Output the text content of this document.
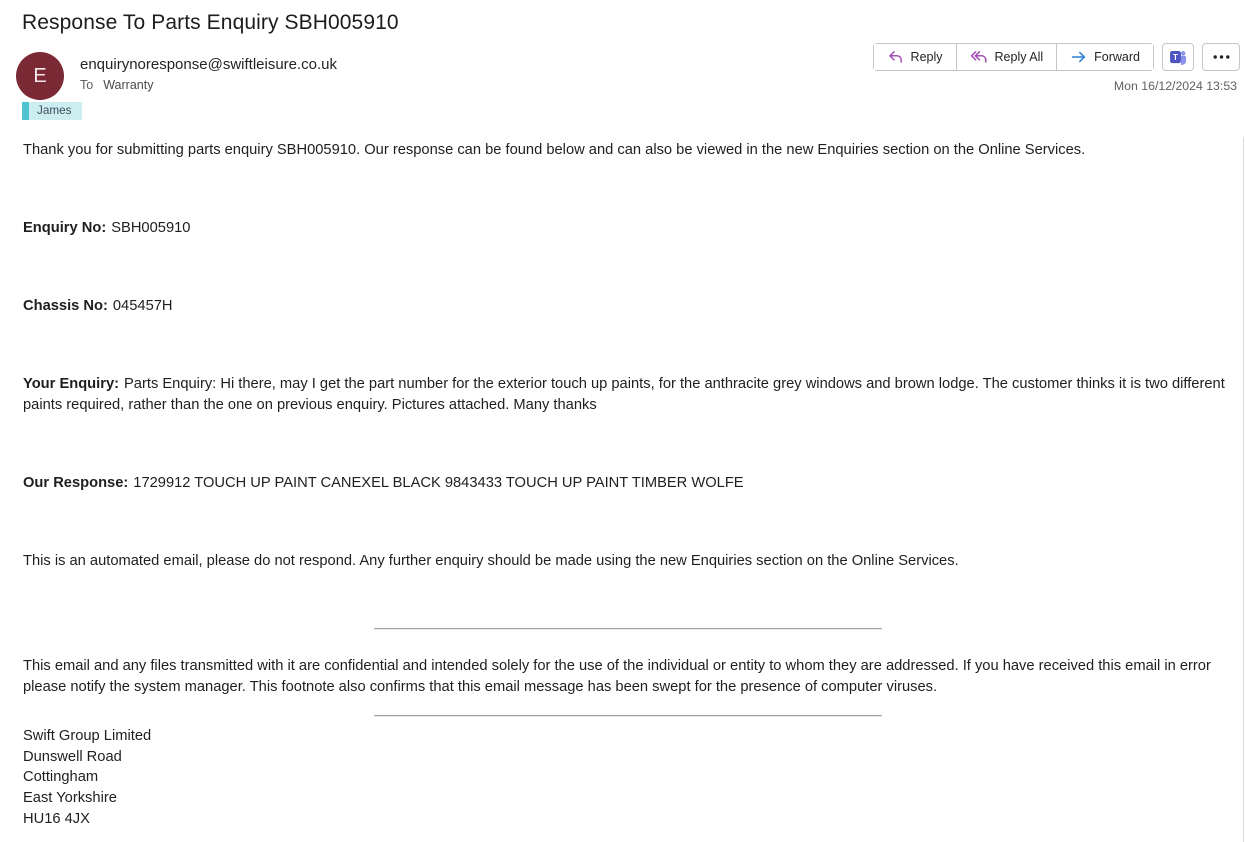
Response To Parts Enquiry SBH005910
E enquirynoresponse@swiftleisure.co.uk
To Warranty
James
Reply	Reply All	Forward	T
Mon 16/12/2024 13:53

Thank you for submitting parts enquiry SBH005910. Our response can be found below and can also be viewed in the new Enquiries section on the Online Services.

Enquiry No: SBH005910

Chassis No: 045457H

Your Enquiry: Parts Enquiry: Hi there, may I get the part number for the exterior touch up paints, for the anthracite grey windows and brown lodge. The customer thinks it is two different paints required, rather than the one on previous enquiry. Pictures attached. Many thanks

Our Response: 1729912 TOUCH UP PAINT CANEXEL BLACK 9843433 TOUCH UP PAINT TIMBER WOLFE

This is an automated email, please do not respond. Any further enquiry should be made using the new Enquiries section on the Online Services.

This email and any files transmitted with it are confidential and intended solely for the use of the individual or entity to whom they are addressed. If you have received this email in error please notify the system manager. This footnote also confirms that this email message has been swept for the presence of computer viruses.

Swift Group Limited
Dunswell Road
Cottingham
East Yorkshire
HU16 4JX
